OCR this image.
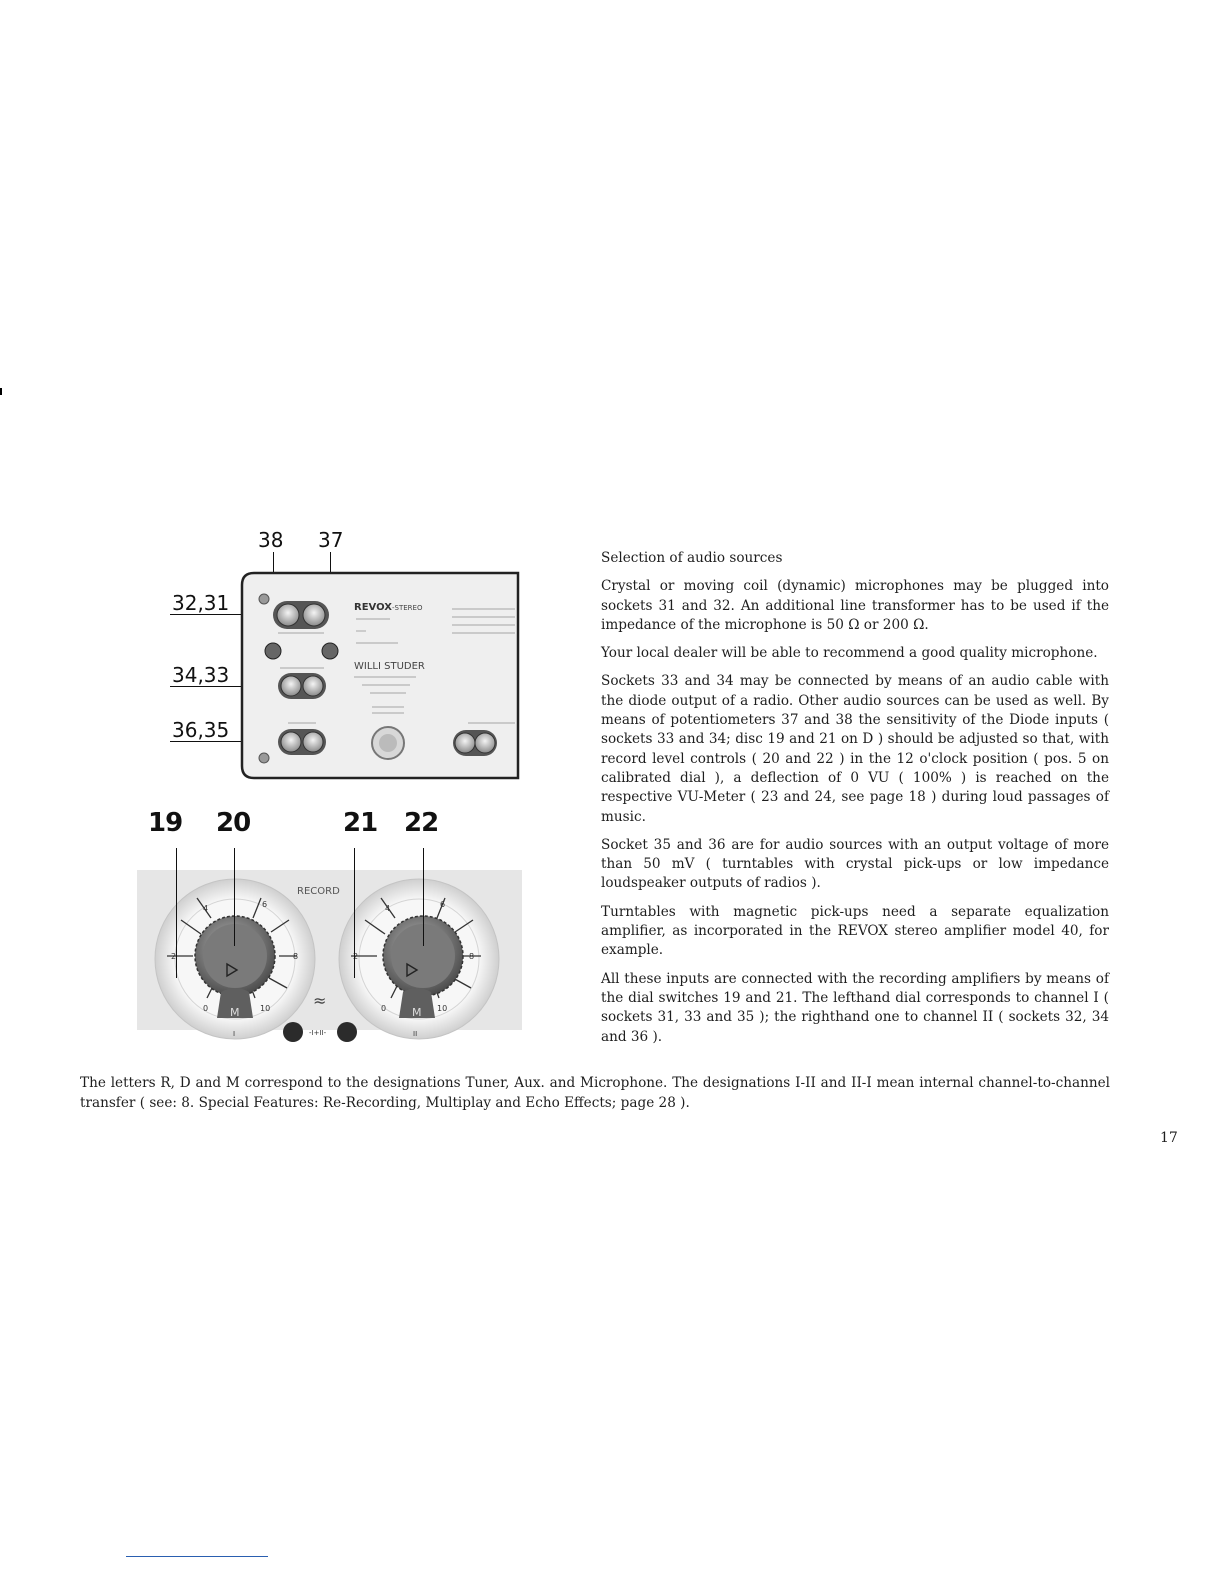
38 37
32,31
34,33
36,35
REVOX -STEREO
WILLI STUDER
19 20	21 22
RECORD
M
2
4	6
8
0	10
I
M
2
4	6
8
0	10
II
≈
-I+II-

Selection of audio sources

Crystal or moving coil (dynamic) microphones may be plugged into sockets 31 and 32. An additional line transformer has to be used if the impedance of the microphone is 50 Ω or 200 Ω.

Your local dealer will be able to recommend a good quality microphone.

Sockets 33 and 34 may be connected by means of an audio cable with the diode output of a radio. Other audio sources can be used as well. By means of potentiometers 37 and 38 the sensitivity of the Diode inputs ( sockets 33 and 34; disc 19 and 21 on D ) should be adjusted so that, with record level controls ( 20 and 22 ) in the 12 o'clock position ( pos. 5 on calibrated dial ), a deflection of 0 VU ( 100% ) is reached on the respective VU-Meter ( 23 and 24, see page 18 ) during loud passages of music.

Socket 35 and 36 are for audio sources with an output voltage of more than 50 mV ( turntables with crystal pick-ups or low impedance loudspeaker outputs of radios ).

Turntables with magnetic pick-ups need a separate equalization amplifier, as incorporated in the REVOX stereo amplifier model 40, for example.

All these inputs are connected with the recording amplifiers by means of the dial switches 19 and 21. The lefthand dial corresponds to channel I ( sockets 31, 33 and 35 ); the righthand one to channel II ( sockets 32, 34 and 36 ).

The letters R, D and M correspond to the designations Tuner, Aux. and Microphone. The designations I-II and II-I mean internal channel-to-channel transfer ( see: 8. Special Features: Re-Recording, Multiplay and Echo Effects; page 28 ).
17
